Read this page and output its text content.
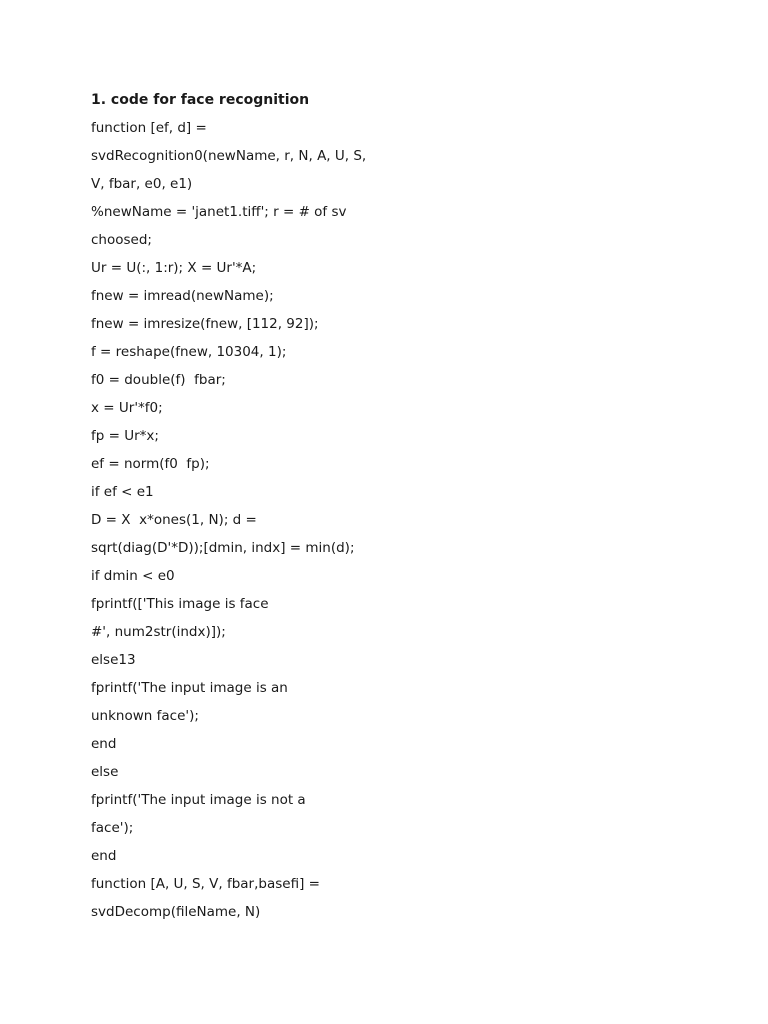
1. code for face recognition
function [ef, d] =
svdRecognition0(newName, r, N, A, U, S,
V, fbar, e0, e1)
%newName = 'janet1.tiff'; r = # of sv
choosed;
Ur = U(:, 1:r); X = Ur'*A;
fnew = imread(newName);
fnew = imresize(fnew, [112, 92]);
f = reshape(fnew, 10304, 1);
f0 = double(f)  fbar;
x = Ur'*f0;
fp = Ur*x;
ef = norm(f0  fp);
if ef < e1
D = X  x*ones(1, N); d =
sqrt(diag(D'*D));[dmin, indx] = min(d);
if dmin < e0
fprintf(['This image is face
#', num2str(indx)]);
else13
fprintf('The input image is an
unknown face');
end
else
fprintf('The input image is not a
face');
end
function [A, U, S, V, fbar,basefi] =
svdDecomp(fileName, N)
